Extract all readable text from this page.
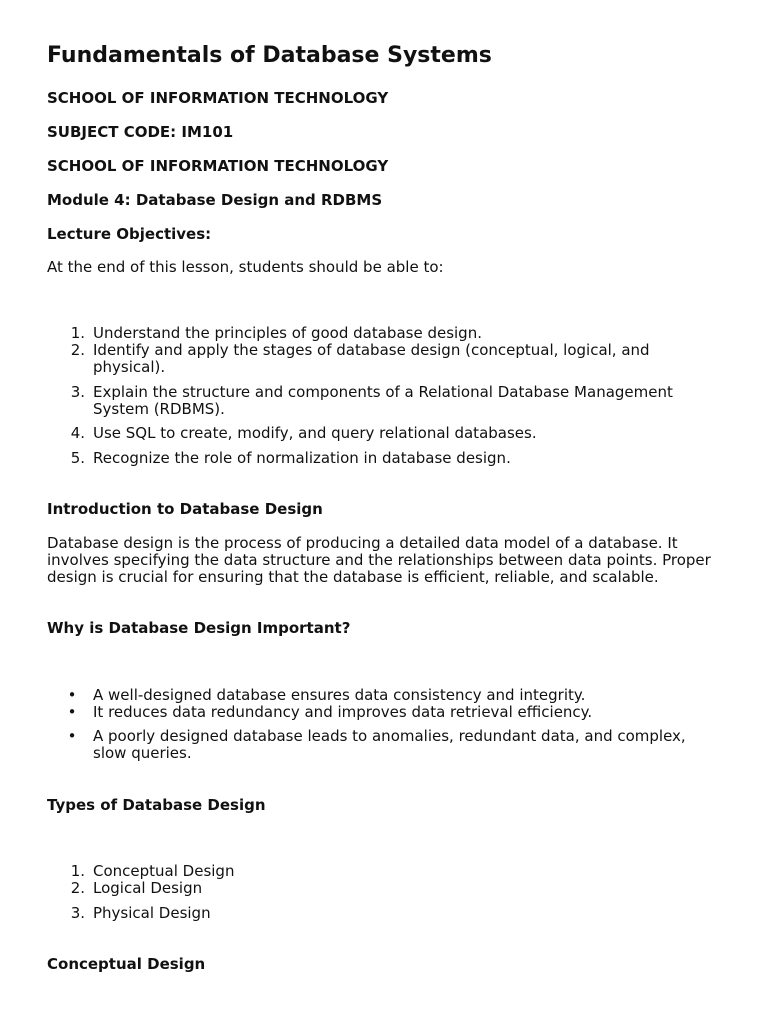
Fundamentals of Database Systems
SCHOOL OF INFORMATION TECHNOLOGY
SUBJECT CODE: IM101
SCHOOL OF INFORMATION TECHNOLOGY
Module 4: Database Design and RDBMS
Lecture Objectives:
At the end of this lesson, students should be able to:
1. Understand the principles of good database design.
2. Identify and apply the stages of database design (conceptual, logical, and physical).
3. Explain the structure and components of a Relational Database Management System (RDBMS).
4. Use SQL to create, modify, and query relational databases.
5. Recognize the role of normalization in database design.
Introduction to Database Design

Database design is the process of producing a detailed data model of a database. It involves specifying the data structure and the relationships between data points. Proper design is crucial for ensuring that the database is efficient, reliable, and scalable.

Why is Database Design Important?
• A well-designed database ensures data consistency and integrity.
• It reduces data redundancy and improves data retrieval efficiency.
• A poorly designed database leads to anomalies, redundant data, and complex, slow queries.
Types of Database Design
1. Conceptual Design
2. Logical Design
3. Physical Design
Conceptual Design
